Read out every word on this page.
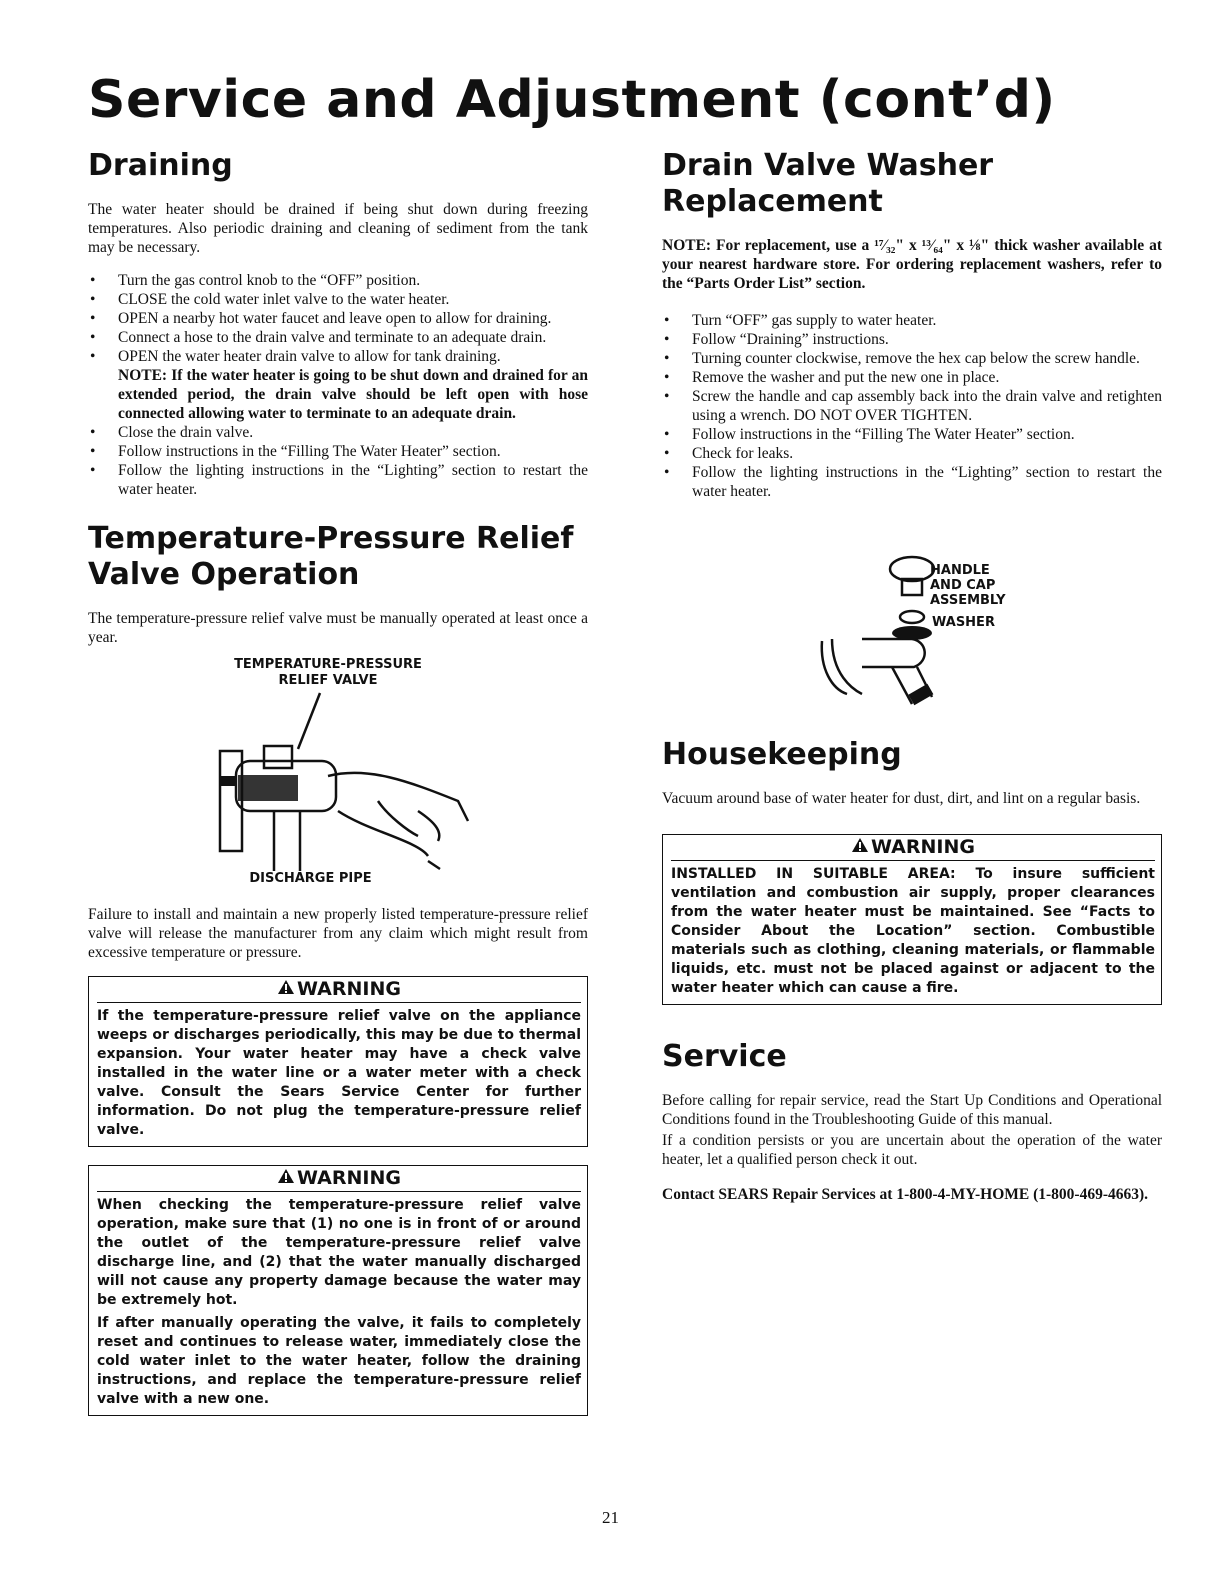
Service and Adjustment (cont’d)
Draining

The water heater should be drained if being shut down during freezing temperatures. Also periodic draining and cleaning of sediment from the tank may be necessary.

• Turn the gas control knob to the “OFF” position.
• CLOSE the cold water inlet valve to the water heater.
• OPEN a nearby hot water faucet and leave open to allow for draining.
• Connect a hose to the drain valve and terminate to an adequate drain.
• OPEN the water heater drain valve to allow for tank draining.
NOTE: If the water heater is going to be shut down and drained for an extended period, the drain valve should be left open with hose connected allowing water to terminate to an adequate drain.
• Close the drain valve.
• Follow instructions in the “Filling The Water Heater” section.
• Follow the lighting instructions in the “Lighting” section to restart the water heater.
Temperature-Pressure Relief Valve Operation

The temperature-pressure relief valve must be manually operated at least once a year.

TEMPERATURE-PRESSURE
RELIEF VALVE
DISCHARGE PIPE

Failure to install and maintain a new properly listed temperature-pressure relief valve will release the manufacturer from any claim which might result from excessive temperature or pressure.

WARNING

If the temperature-pressure relief valve on the appliance weeps or discharges periodically, this may be due to thermal expansion. Your water heater may have a check valve installed in the water line or a water meter with a check valve. Consult the Sears Service Center for further information. Do not plug the temperature-pressure relief valve.

WARNING

When checking the temperature-pressure relief valve operation, make sure that (1) no one is in front of or around the outlet of the temperature-pressure relief valve discharge line, and (2) that the water manually discharged will not cause any property damage because the water may be extremely hot.

If after manually operating the valve, it fails to completely reset and continues to release water, immediately close the cold water inlet to the water heater, follow the draining instructions, and replace the temperature-pressure relief valve with a new one.

Drain Valve Washer Replacement

NOTE: For replacement, use a ¹⁷⁄₃₂" x ¹³⁄₆₄" x ⅛" thick washer available at your nearest hardware store. For ordering replacement washers, refer to the “Parts Order List” section.

• Turn “OFF” gas supply to water heater.
• Follow “Draining” instructions.
• Turning counter clockwise, remove the hex cap below the screw handle.
• Remove the washer and put the new one in place.
• Screw the handle and cap assembly back into the drain valve and retighten using a wrench. DO NOT OVER TIGHTEN.
• Follow instructions in the “Filling The Water Heater” section.
• Check for leaks.
• Follow the lighting instructions in the “Lighting” section to restart the water heater.
HANDLE
AND CAP
ASSEMBLY
WASHER
Housekeeping

Vacuum around base of water heater for dust, dirt, and lint on a regular basis.

WARNING

INSTALLED IN SUITABLE AREA: To insure sufficient ventilation and combustion air supply, proper clearances from the water heater must be maintained. See “Facts to Consider About the Location” section. Combustible materials such as clothing, cleaning materials, or flammable liquids, etc. must not be placed against or adjacent to the water heater which can cause a fire.

Service

Before calling for repair service, read the Start Up Conditions and Operational Conditions found in the Troubleshooting Guide of this manual.

If a condition persists or you are uncertain about the operation of the water heater, let a qualified person check it out.

Contact SEARS Repair Services at 1-800-4-MY-HOME (1-800-469-4663).

21
